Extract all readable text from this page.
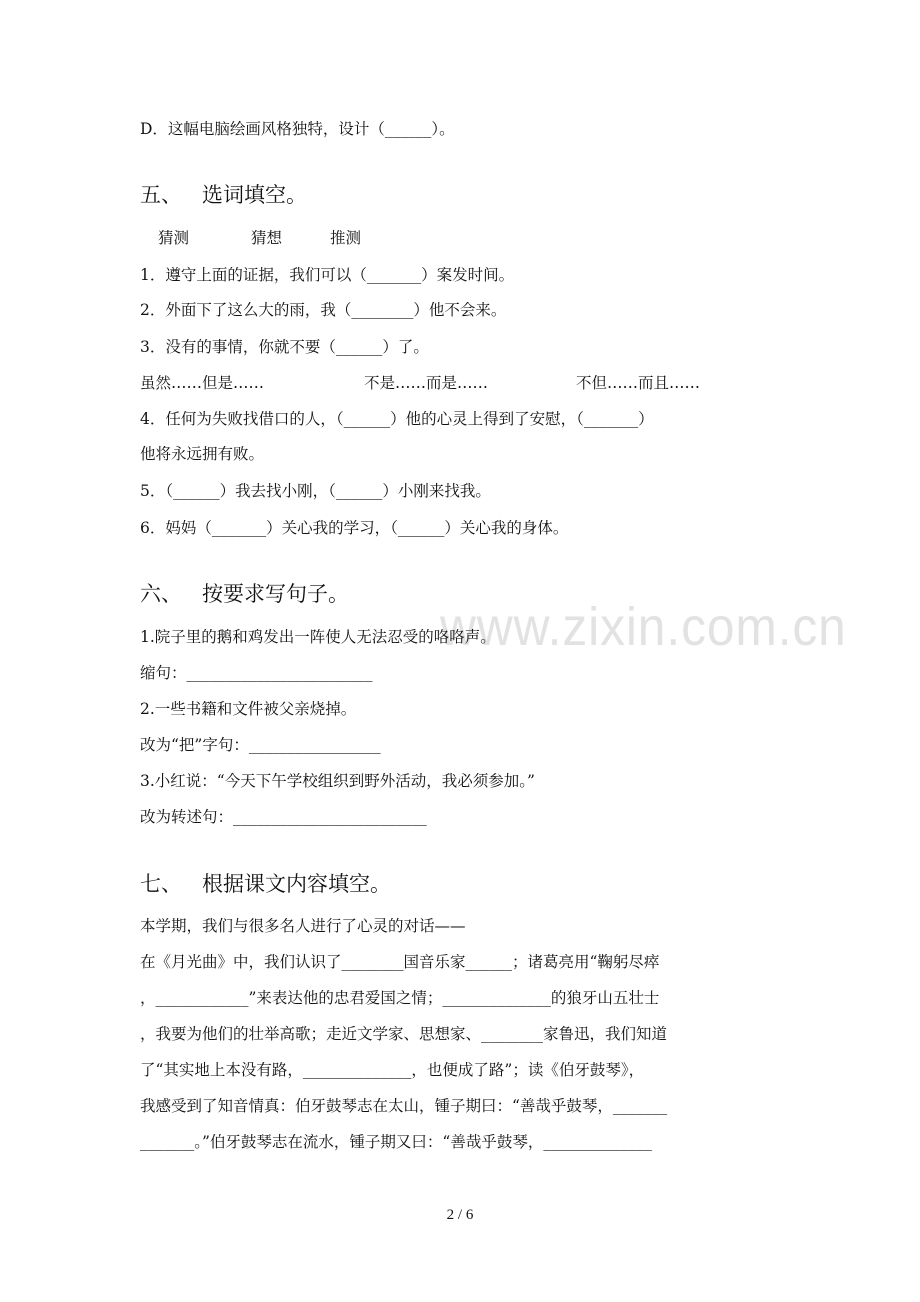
D．这幅电脑绘画风格独特，设计（______）。

五、 选词填空。

猜测	猜想	推测

1．遵守上面的证据，我们可以（_______）案发时间。

2．外面下了这么大的雨，我（________）他不会来。

3．没有的事情，你就不要（______）了。

虽然……但是……	不是……而是……	不但……而且……

4．任何为失败找借口的人，（______）他的心灵上得到了安慰，（_______）

他将永远拥有败。

5．（______）我去找小刚，（______）小刚来找我。

6．妈妈（_______）关心我的学习，（______）关心我的身体。

六、 按要求写句子。
www.zixin.com.cn

1.院子里的鹅和鸡发出一阵使人无法忍受的咯咯声。

缩句：________________________

2.一些书籍和文件被父亲烧掉。

改为“把”字句：_________________

3.小红说：“今天下午学校组织到野外活动，我必须参加。”

改为转述句：_________________________

七、 根据课文内容填空。

本学期，我们与很多名人进行了心灵的对话——

在《月光曲》中，我们认识了________国音乐家______；诸葛亮用“鞠躬尽瘁

，____________”来表达他的忠君爱国之情；______________的狼牙山五壮士

，我要为他们的壮举高歌；走近文学家、思想家、________家鲁迅，我们知道

了“其实地上本没有路，______________，也便成了路”；读《伯牙鼓琴》，

我感受到了知音情真：伯牙鼓琴志在太山，锺子期曰：“善哉乎鼓琴，_______

_______。”伯牙鼓琴志在流水，锺子期又曰：“善哉乎鼓琴，______________

2 / 6
